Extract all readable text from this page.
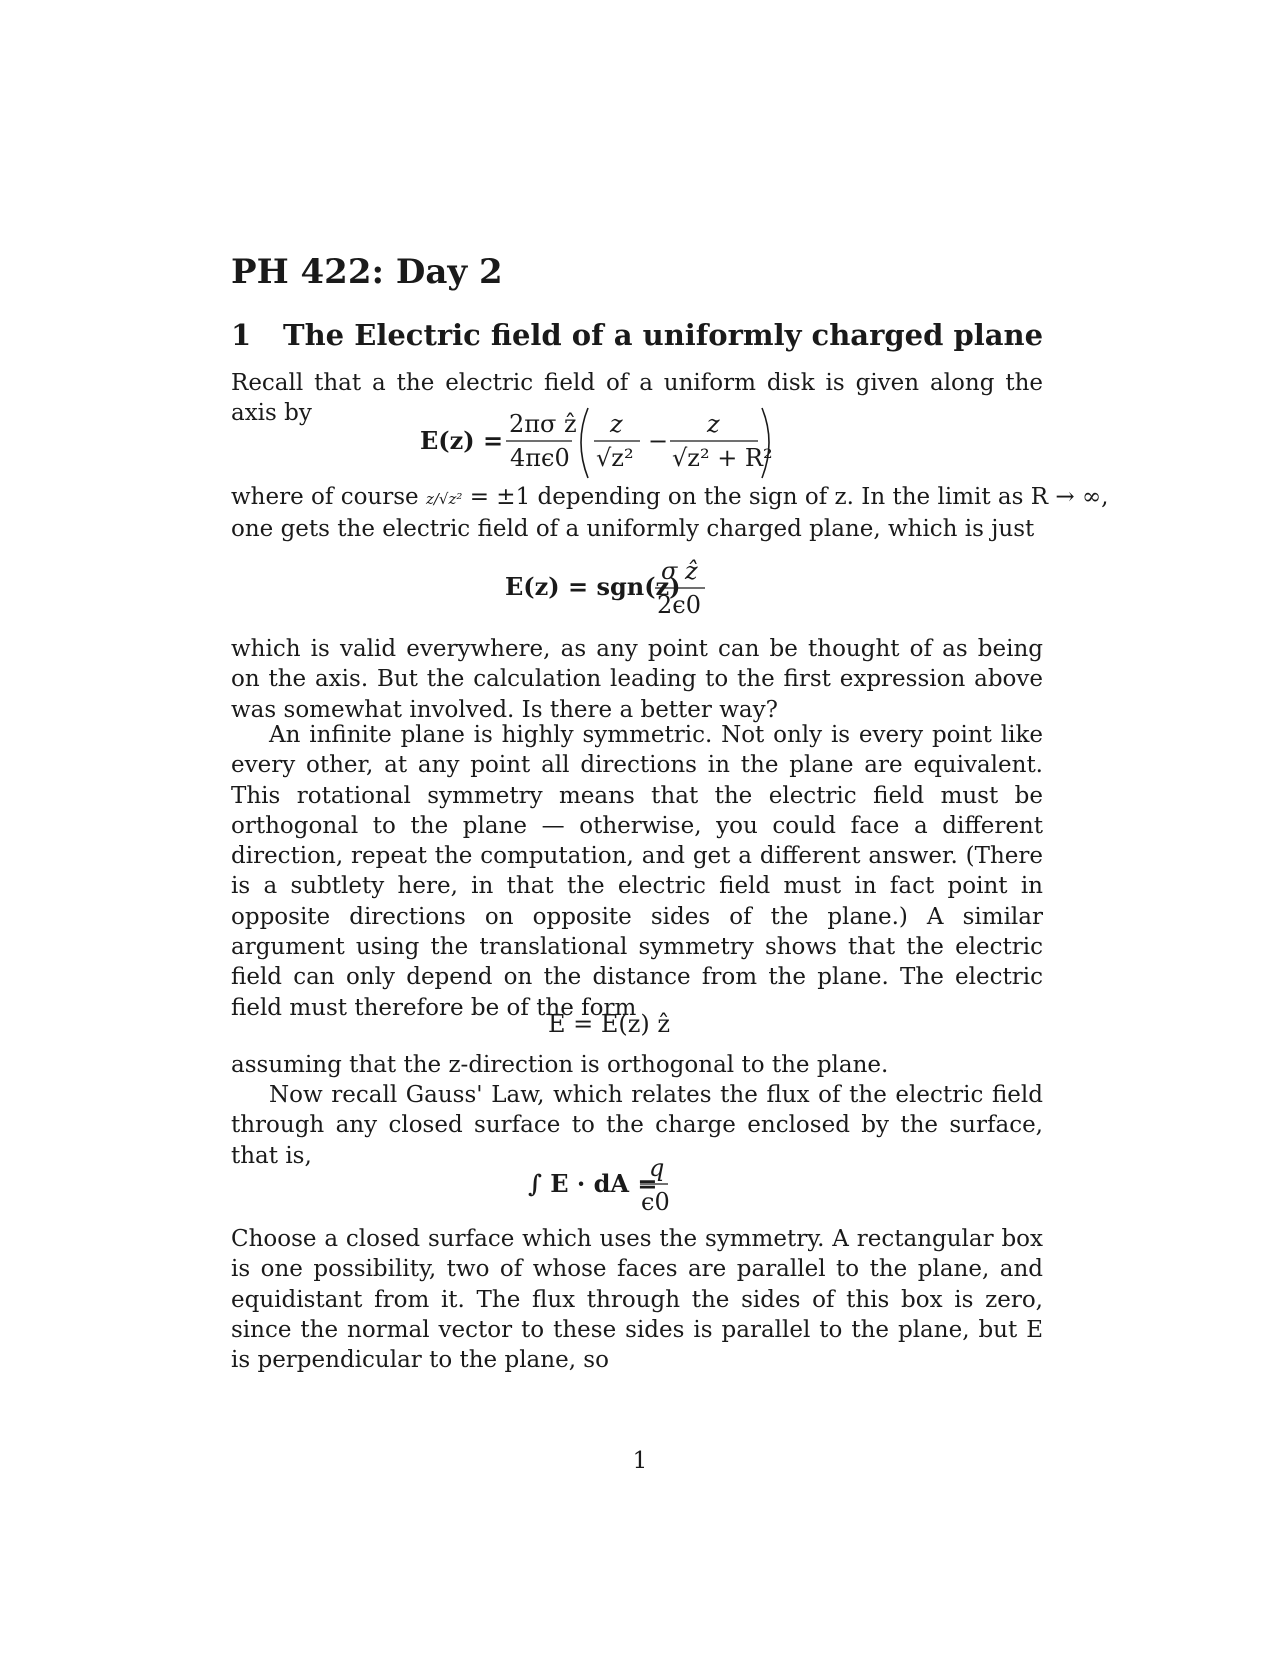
PH 422: Day 2
1 The Electric field of a uniformly charged plane

Recall that a the electric field of a uniform disk is given along the axis by

E(z) =
2πσ ẑ
4πϵ0
z
√z²
−
z
√z² + R²
where of course z/√z² = ±1 depending on the sign of z. In the limit as R → ∞,
one gets the electric field of a uniformly charged plane, which is just
E(z) = sgn(z)
σ ẑ
2ϵ0

which is valid everywhere, as any point can be thought of as being on the axis. But the calculation leading to the first expression above was somewhat involved. Is there a better way?

An infinite plane is highly symmetric. Not only is every point like every other, at any point all directions in the plane are equivalent. This rotational symmetry means that the electric field must be orthogonal to the plane — otherwise, you could face a different direction, repeat the computation, and get a different answer. (There is a subtlety here, in that the electric field must in fact point in opposite directions on opposite sides of the plane.) A similar argument using the translational symmetry shows that the electric field can only depend on the distance from the plane. The electric field must therefore be of the form

E = E(z) ẑ

assuming that the z-direction is orthogonal to the plane.

Now recall Gauss' Law, which relates the flux of the electric field through any closed surface to the charge enclosed by the surface, that is,

∫ E · dA =
q
ϵ0

Choose a closed surface which uses the symmetry. A rectangular box is one possibility, two of whose faces are parallel to the plane, and equidistant from it. The flux through the sides of this box is zero, since the normal vector to these sides is parallel to the plane, but E is perpendicular to the plane, so

1
